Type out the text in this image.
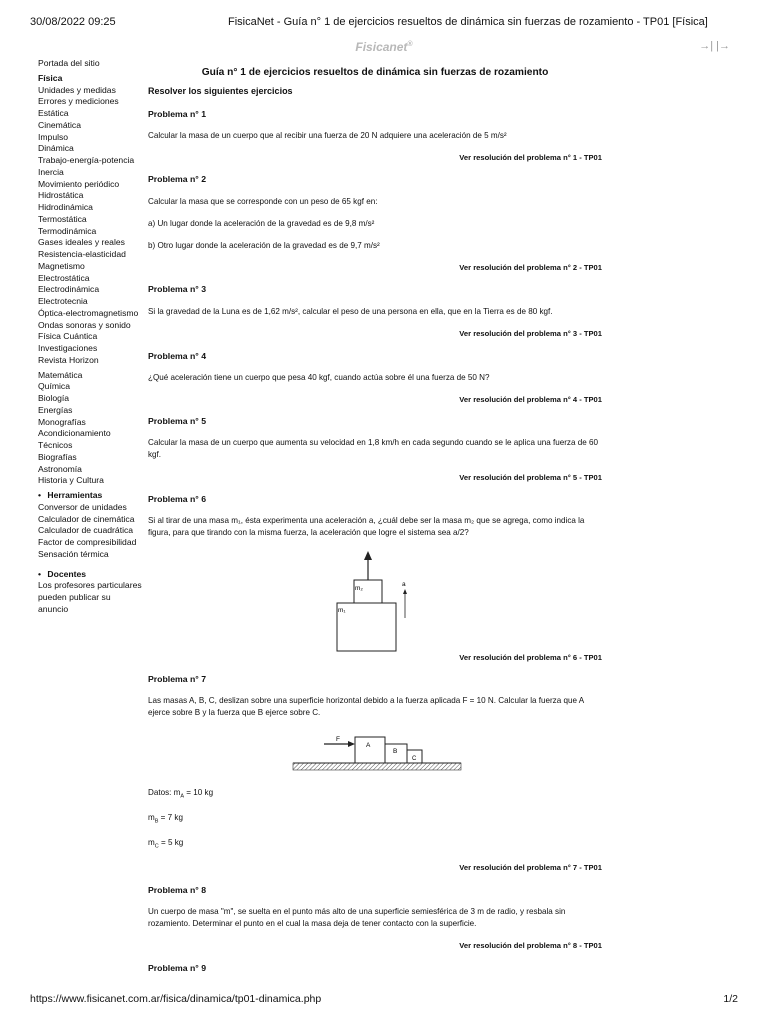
30/08/2022 09:25	FisicaNet - Guía n° 1 de ejercicios resueltos de dinámica sin fuerzas de rozamiento - TP01 [Física]
Fisicanet®	→| |→
Portada del sitio
Física
Unidades y medidas
Errores y mediciones
Estática
Cinemática
Impulso
Dinámica
Trabajo-energía-potencia
Inercia
Movimiento periódico
Hidrostática
Hidrodinámica
Termostática
Termodinámica
Gases ideales y reales
Resistencia-elasticidad
Magnetismo
Electrostática
Electrodinámica
Electrotecnia
Óptica-electromagnetismo
Ondas sonoras y sonido
Física Cuántica
Investigaciones
Revista Horizon
Matemática
Química
Biología
Energías
Monografías
Acondicionamiento
Técnicos
Biografías
Astronomía
Historia y Cultura
• Herramientas
Conversor de unidades
Calculador de cinemática
Calculador de cuadrática
Factor de compresibilidad
Sensación térmica
• Docentes
Los profesores particulares
pueden publicar su
anuncio
Guía n° 1 de ejercicios resueltos de dinámica sin fuerzas de rozamiento
Resolver los siguientes ejercicios
Problema n° 1
Calcular la masa de un cuerpo que al recibir una fuerza de 20 N adquiere una aceleración de 5 m/s²
Ver resolución del problema n° 1 - TP01
Problema n° 2
Calcular la masa que se corresponde con un peso de 65 kgf en:
a) Un lugar donde la aceleración de la gravedad es de 9,8 m/s²
b) Otro lugar donde la aceleración de la gravedad es de 9,7 m/s²
Ver resolución del problema n° 2 - TP01
Problema n° 3
Si la gravedad de la Luna es de 1,62 m/s², calcular el peso de una persona en ella, que en la Tierra es de 80 kgf.
Ver resolución del problema n° 3 - TP01
Problema n° 4
¿Qué aceleración tiene un cuerpo que pesa 40 kgf, cuando actúa sobre él una fuerza de 50 N?
Ver resolución del problema n° 4 - TP01
Problema n° 5
Calcular la masa de un cuerpo que aumenta su velocidad en 1,8 km/h en cada segundo cuando se le aplica una fuerza de 60 kgf.
Ver resolución del problema n° 5 - TP01
Problema n° 6
Si al tirar de una masa m₁, ésta experimenta una aceleración a, ¿cuál debe ser la masa m₂ que se agrega, como indica la figura, para que tirando con la misma fuerza, la aceleración que logre el sistema sea a/2?
m₂
m₁
a
Ver resolución del problema n° 6 - TP01
Problema n° 7
Las masas A, B, C, deslizan sobre una superficie horizontal debido a la fuerza aplicada F = 10 N. Calcular la fuerza que A ejerce sobre B y la fuerza que B ejerce sobre C.
F
A
B
C
Datos: $m_A = 10$ kg
$m_B = 7$ kg
$m_C = 5$ kg
Ver resolución del problema n° 7 - TP01
Problema n° 8
Un cuerpo de masa "m", se suelta en el punto más alto de una superficie semiesférica de 3 m de radio, y resbala sin rozamiento. Determinar el punto en el cual la masa deja de tener contacto con la superficie.
Ver resolución del problema n° 8 - TP01
Problema n° 9
https://www.fisicanet.com.ar/fisica/dinamica/tp01-dinamica.php	1/2
